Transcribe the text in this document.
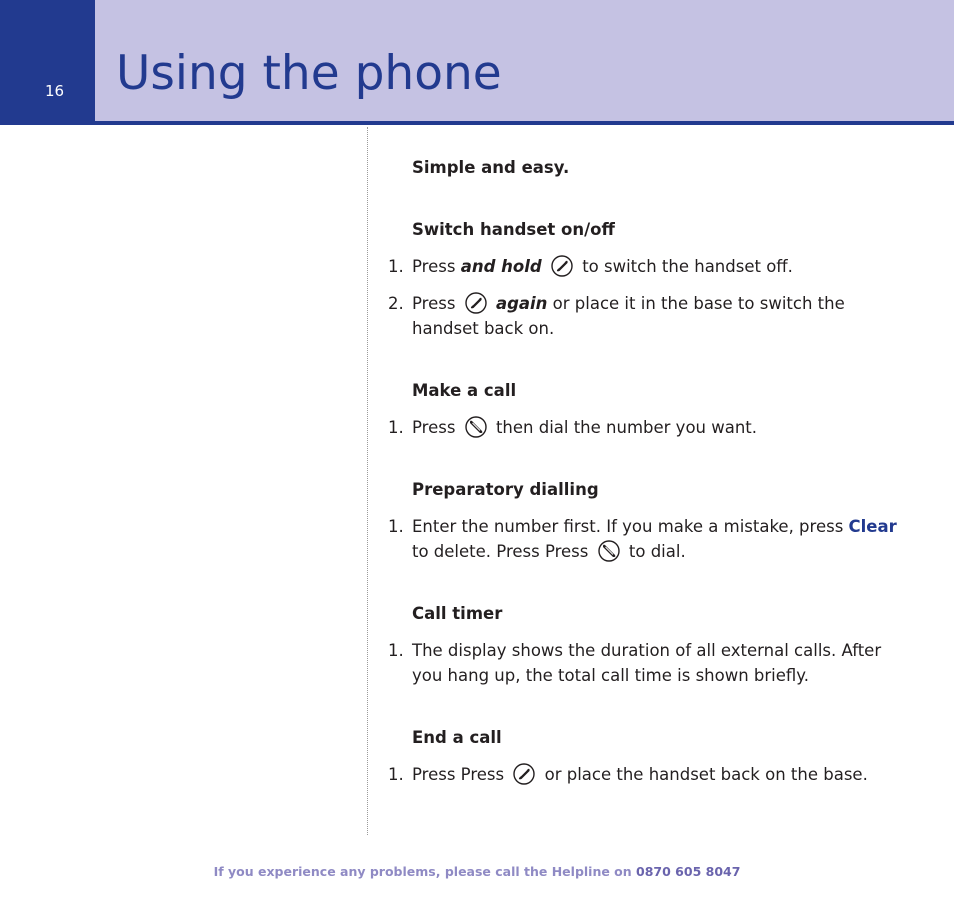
16 Using the phone

Simple and easy.

Switch handset on/off
1. Press and hold to switch the handset off.
2. Press again or place it in the base to switch the handset back on.
Make a call
1. Press then dial the number you want.
Preparatory dialling
1. Enter the number first. If you make a mistake, press Clear to delete. Press Press to dial.
Call timer
1. The display shows the duration of all external calls. After you hang up, the total call time is shown briefly.
End a call
1. Press Press or place the handset back on the base.
If you experience any problems, please call the Helpline on 0870 605 8047
